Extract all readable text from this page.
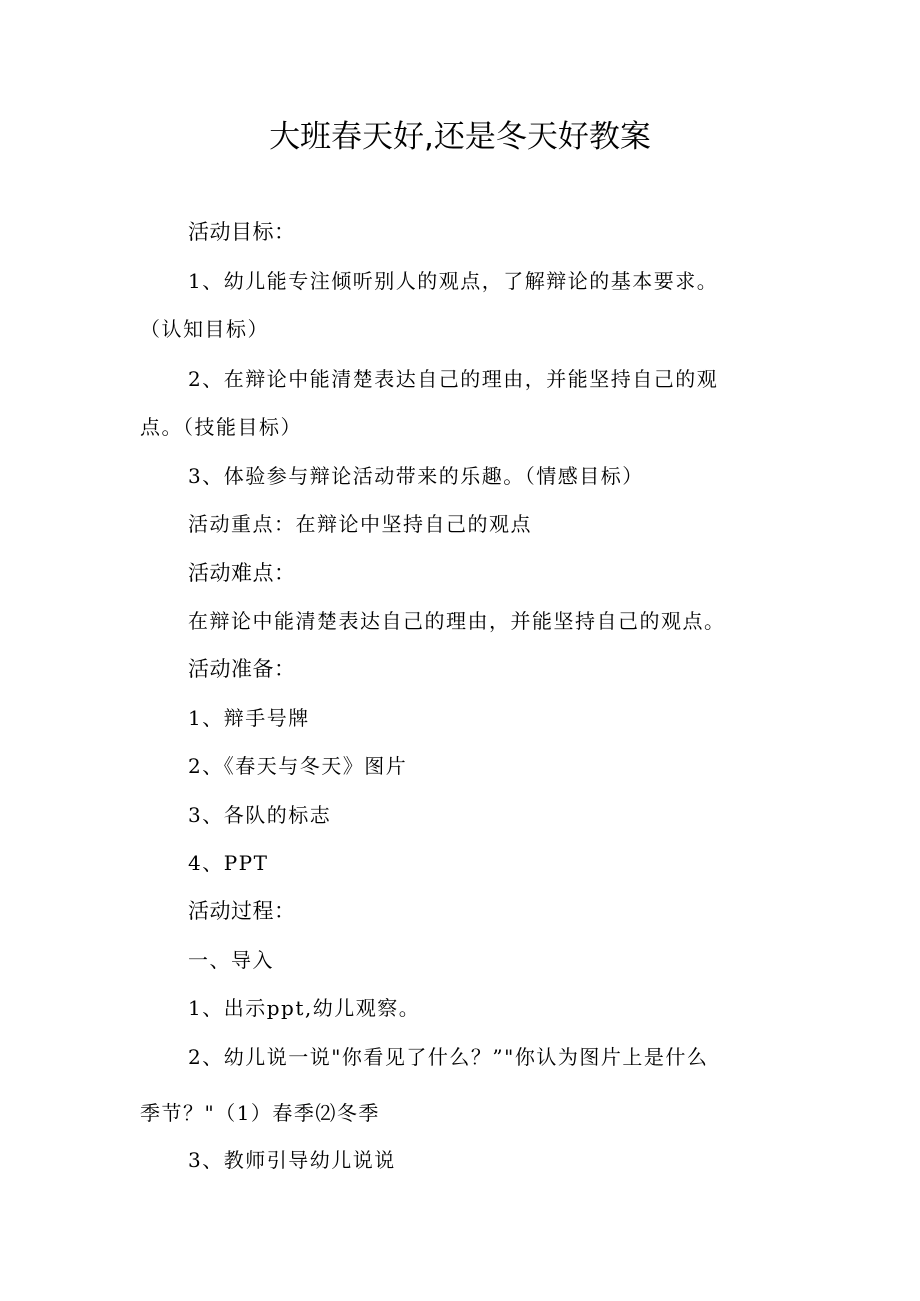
大班春天好,还是冬天好教案
活动目标：
1、幼儿能专注倾听别人的观点，了解辩论的基本要求。
（认知目标）
2、在辩论中能清楚表达自己的理由，并能坚持自己的观
点。（技能目标）
3、体验参与辩论活动带来的乐趣。（情感目标）
活动重点：在辩论中坚持自己的观点
活动难点：
在辩论中能清楚表达自己的理由，并能坚持自己的观点。
活动准备：
1、辩手号牌
2、《春天与冬天》图片
3、各队的标志
4、PPT
活动过程：
一、导入
1、出示ppt,幼儿观察。
2、幼儿说一说"你看见了什么？”"你认为图片上是什么
季节？"（1）春季⑵冬季
3、教师引导幼儿说说
